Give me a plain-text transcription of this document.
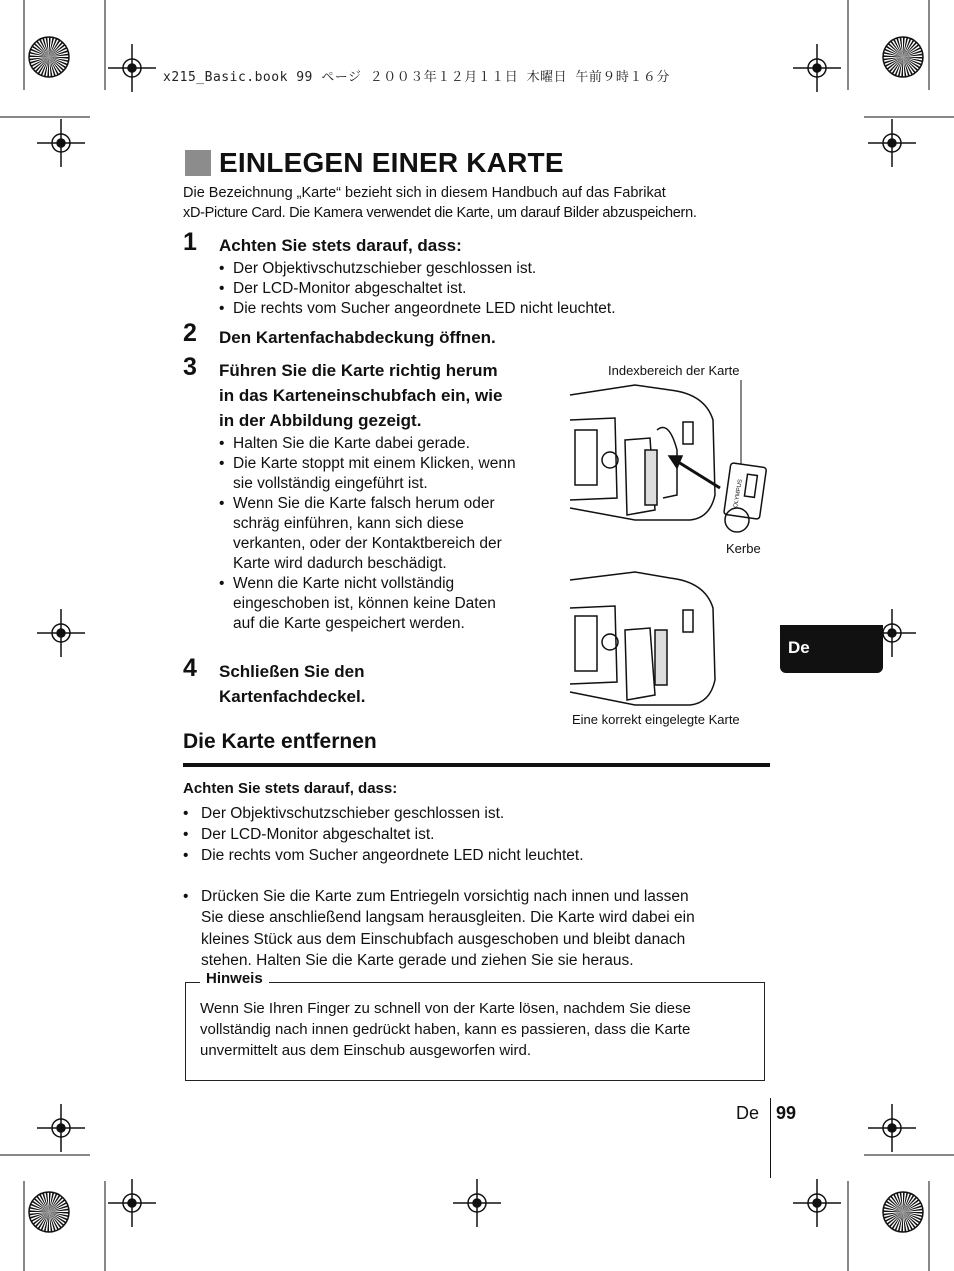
x215_Basic.book 99 ページ ２００３年１２月１１日 木曜日 午前９時１６分
EINLEGEN EINER KARTE
Die Bezeichnung „Karte“ bezieht sich in diesem Handbuch auf das Fabrikat
xD-Picture Card. Die Kamera verwendet die Karte, um darauf Bilder abzuspeichern.
1 Achten Sie stets darauf, dass:
• Der Objektivschutzschieber geschlossen ist.
• Der LCD-Monitor abgeschaltet ist.
• Die rechts vom Sucher angeordnete LED nicht leuchtet.
2 Den Kartenfachabdeckung öffnen.
3 Führen Sie die Karte richtig herum
in das Karteneinschubfach ein, wie
in der Abbildung gezeigt.
• Halten Sie die Karte dabei gerade.
• Die Karte stoppt mit einem Klicken, wenn
sie vollständig eingeführt ist.
• Wenn Sie die Karte falsch herum oder
schräg einführen, kann sich diese
verkanten, oder der Kontaktbereich der
Karte wird dadurch beschädigt.
• Wenn die Karte nicht vollständig
eingeschoben ist, können keine Daten
auf die Karte gespeichert werden.
4 Schließen Sie den
Kartenfachdeckel.
Indexbereich der Karte
Kerbe
Eine korrekt eingelegte Karte
OLYMPUS
De
Die Karte entfernen
Achten Sie stets darauf, dass:
• Der Objektivschutzschieber geschlossen ist.
• Der LCD-Monitor abgeschaltet ist.
• Die rechts vom Sucher angeordnete LED nicht leuchtet.
• Drücken Sie die Karte zum Entriegeln vorsichtig nach innen und lassen
Sie diese anschließend langsam herausgleiten. Die Karte wird dabei ein
kleines Stück aus dem Einschubfach ausgeschoben und bleibt danach
stehen. Halten Sie die Karte gerade und ziehen Sie sie heraus.
Hinweis
Wenn Sie Ihren Finger zu schnell von der Karte lösen, nachdem Sie diese
vollständig nach innen gedrückt haben, kann es passieren, dass die Karte
unvermittelt aus dem Einschub ausgeworfen wird.
De 99
